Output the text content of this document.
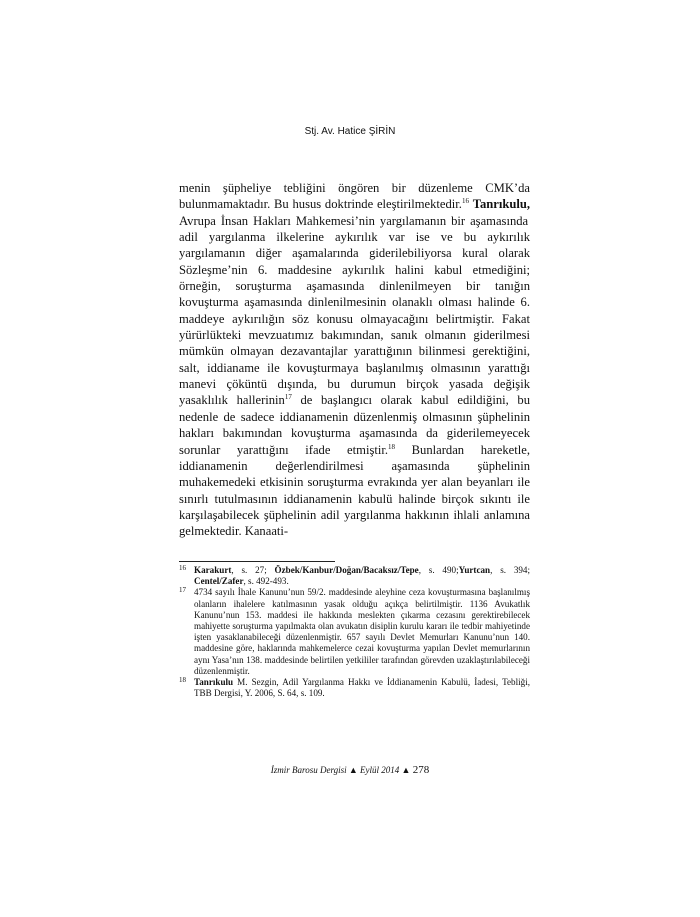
Stj. Av. Hatice ŞİRİN

menin şüpheliye tebliğini öngören bir düzenleme CMK’da bulunmamaktadır. Bu husus doktrinde eleştirilmektedir.$^{16}$ Tanrıkulu, Avrupa İnsan Hakları Mahkemesi’nin yargılamanın bir aşamasında adil yargılanma ilkelerine aykırılık var ise ve bu aykırılık yargılamanın diğer aşamalarında giderilebiliyorsa kural olarak Sözleşme’nin 6. maddesine aykırılık halini kabul etmediğini; örneğin, soruşturma aşamasında dinlenilmeyen bir tanığın kovuşturma aşamasında dinlenilmesinin olanaklı olması halinde 6. maddeye aykırılığın söz konusu olmayacağını belirtmiştir. Fakat yürürlükteki mevzuatımız bakımından, sanık olmanın giderilmesi mümkün olmayan dezavantajlar yarattığının bilinmesi gerektiğini, salt, iddianame ile kovuşturmaya başlanılmış olmasının yarattığı manevi çöküntü dışında, bu durumun birçok yasada değişik yasaklılık hallerinin$^{17}$ de başlangıcı olarak kabul edildiğini, bu nedenle de sadece iddianamenin düzenlenmiş olmasının şüphelinin hakları bakımından kovuşturma aşamasında da giderilemeyecek sorunlar yarattığını ifade etmiştir.$^{18}$ Bunlardan hareketle, iddianamenin değerlendirilmesi aşamasında şüphelinin muhakemedeki etkisinin soruşturma evrakında yer alan beyanları ile sınırlı tutulmasının iddianamenin kabulü halinde birçok sıkıntı ile karşılaşabilecek şüphelinin adil yargılanma hakkının ihlali anlamına gelmektedir. Kanaati-

16 Karakurt, s. 27; Özbek/Kanbur/Doğan/Bacaksız/Tepe, s. 490;Yurtcan, s. 394; Centel/Zafer, s. 492-493.

17 4734 sayılı İhale Kanunu’nun 59/2. maddesinde aleyhine ceza kovuşturmasına başlanılmış olanların ihalelere katılmasının yasak olduğu açıkça belirtilmiştir. 1136 Avukatlık Kanunu’nun 153. maddesi ile hakkında meslekten çıkarma cezasını gerektirebilecek mahiyette soruşturma yapılmakta olan avukatın disiplin kurulu kararı ile tedbir mahiyetinde işten yasaklanabileceği düzenlenmiştir. 657 sayılı Devlet Memurları Kanunu’nun 140. maddesine göre, haklarında mahkemelerce cezai kovuşturma yapılan Devlet memurlarının aynı Yasa’nın 138. maddesinde belirtilen yetkililer tarafından görevden uzaklaştırılabileceği düzenlenmiştir.

18 Tanrıkulu M. Sezgin, Adil Yargılanma Hakkı ve İddianamenin Kabulü, İadesi, Tebliği, TBB Dergisi, Y. 2006, S. 64, s. 109.

İzmir Barosu Dergisi ▲ Eylül 2014 ▲ 278
